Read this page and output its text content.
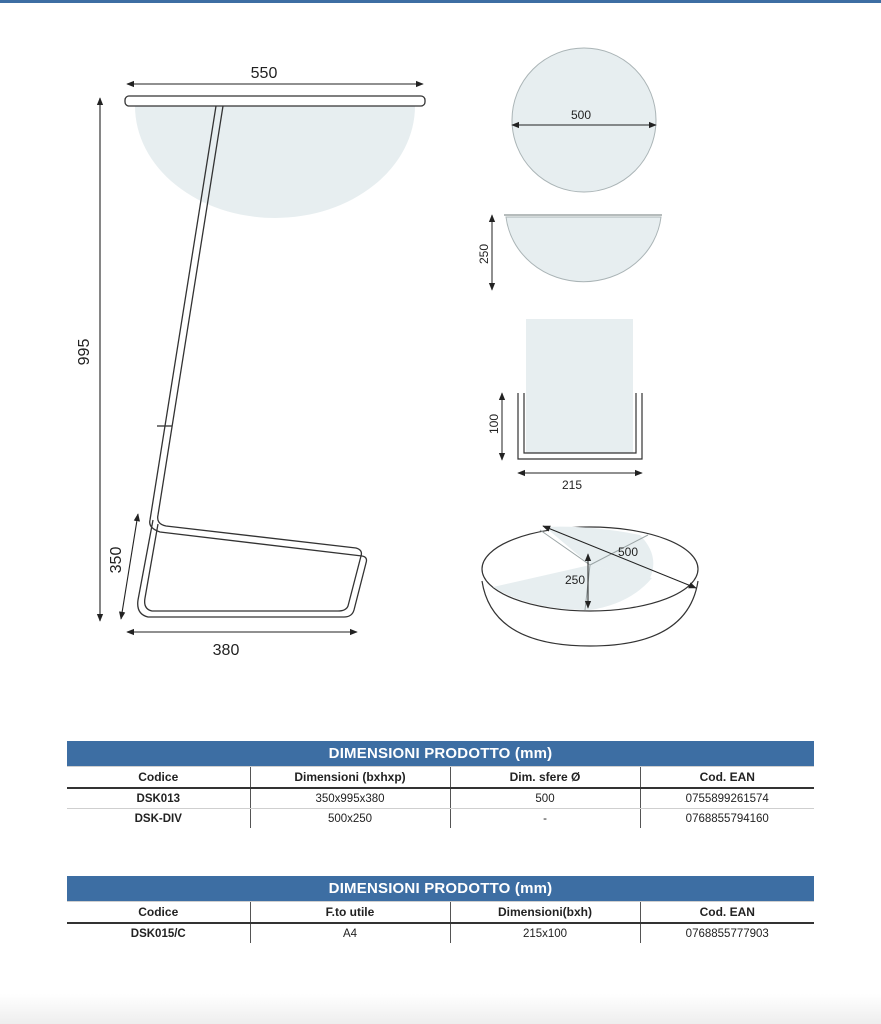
550
995
350
380
500
250
100
215
500
250
DIMENSIONI PRODOTTO (mm)			
Codice	Dimensioni (bxhxp)	Dim. sfere Ø	Cod. EAN
DSK013	350x995x380	500	0755899261574
DSK-DIV	500x250	-	0768855794160
DIMENSIONI PRODOTTO (mm)			
Codice	F.to utile	Dimensioni(bxh)	Cod. EAN
DSK015/C	A4	215x100	0768855777903
